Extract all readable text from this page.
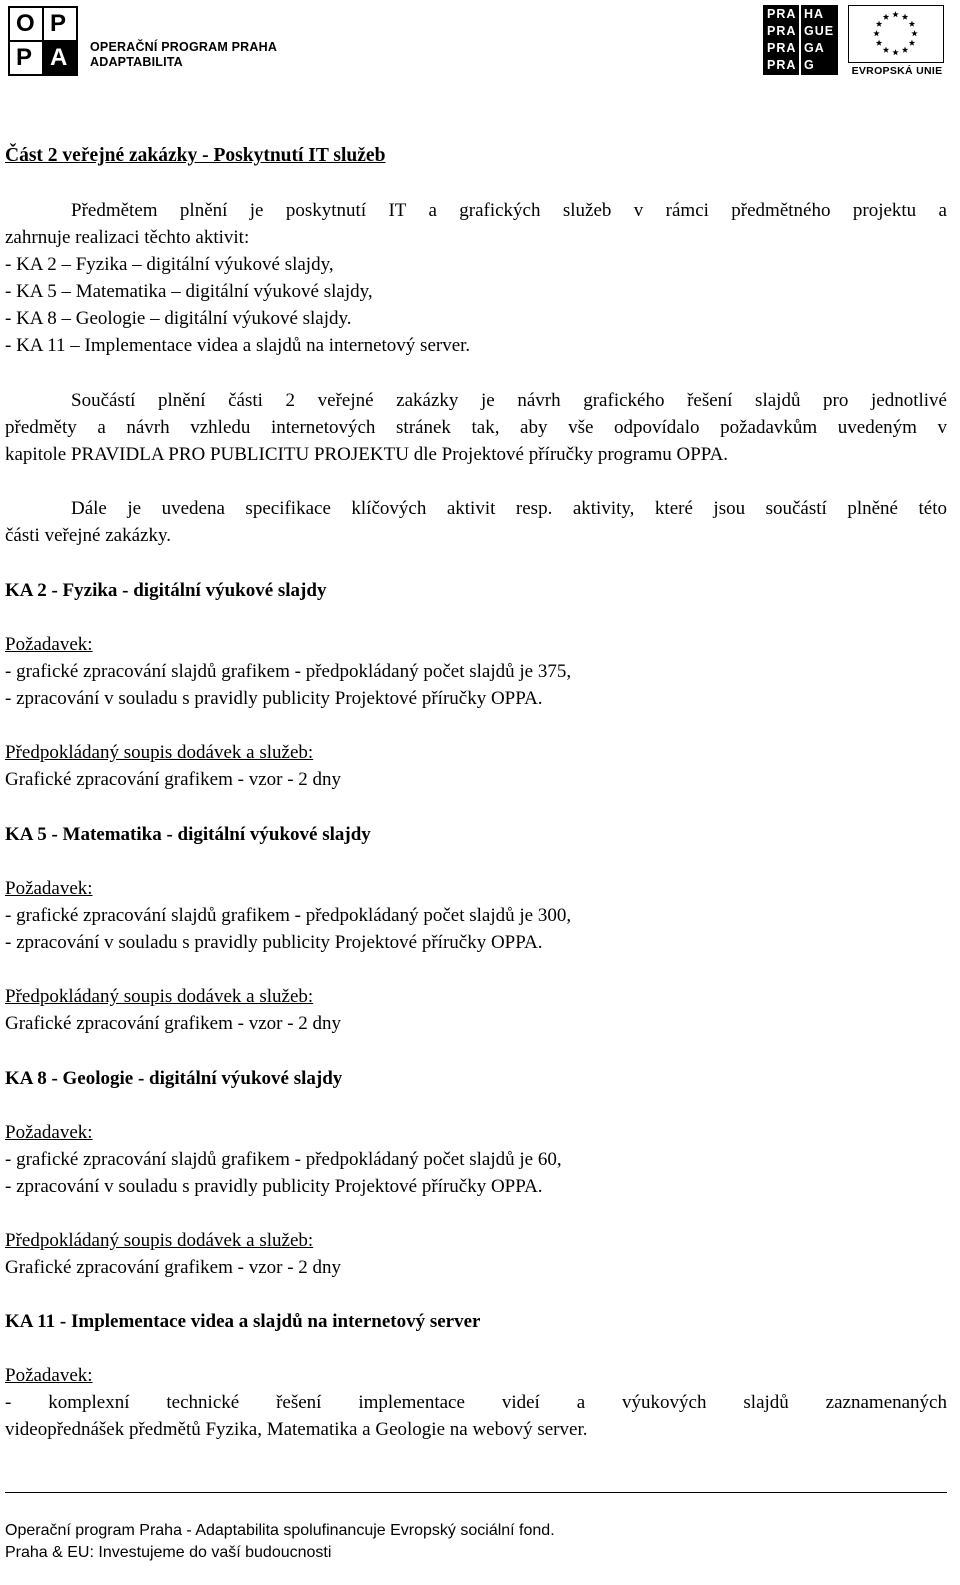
O P
P A OPERAČNÍ PROGRAM PRAHA
ADAPTABILITA
PRA HA
PRA GUE
PRA GA
PRA G	EVROPSKÁ UNIE
Část 2 veřejné zakázky - Poskytnutí IT služeb
Předmětem plnění je poskytnutí IT a grafických služeb v rámci předmětného projektu a
zahrnuje realizaci těchto aktivit:
- KA 2 – Fyzika – digitální výukové slajdy,
- KA 5 – Matematika – digitální výukové slajdy,
- KA 8 – Geologie – digitální výukové slajdy.
- KA 11 – Implementace videa a slajdů na internetový server.
Součástí plnění části 2 veřejné zakázky je návrh grafického řešení slajdů pro jednotlivé
předměty a návrh vzhledu internetových stránek tak, aby vše odpovídalo požadavkům uvedeným v
kapitole PRAVIDLA PRO PUBLICITU PROJEKTU dle Projektové příručky programu OPPA.
Dále je uvedena specifikace klíčových aktivit resp. aktivity, které jsou součástí plněné této
části veřejné zakázky.
KA 2 - Fyzika - digitální výukové slajdy
Požadavek:
- grafické zpracování slajdů grafikem - předpokládaný počet slajdů je 375,
- zpracování v souladu s pravidly publicity Projektové příručky OPPA.
Předpokládaný soupis dodávek a služeb:
Grafické zpracování grafikem - vzor - 2 dny
KA 5 - Matematika - digitální výukové slajdy
Požadavek:
- grafické zpracování slajdů grafikem - předpokládaný počet slajdů je 300,
- zpracování v souladu s pravidly publicity Projektové příručky OPPA.
Předpokládaný soupis dodávek a služeb:
Grafické zpracování grafikem - vzor - 2 dny
KA 8 - Geologie - digitální výukové slajdy
Požadavek:
- grafické zpracování slajdů grafikem - předpokládaný počet slajdů je 60,
- zpracování v souladu s pravidly publicity Projektové příručky OPPA.
Předpokládaný soupis dodávek a služeb:
Grafické zpracování grafikem - vzor - 2 dny
KA 11 - Implementace videa a slajdů na internetový server
Požadavek:
- komplexní technické řešení implementace videí a výukových slajdů zaznamenaných
videopřednášek předmětů Fyzika, Matematika a Geologie na webový server.
Operační program Praha - Adaptabilita spolufinancuje Evropský sociální fond.
Praha & EU: Investujeme do vaší budoucnosti
